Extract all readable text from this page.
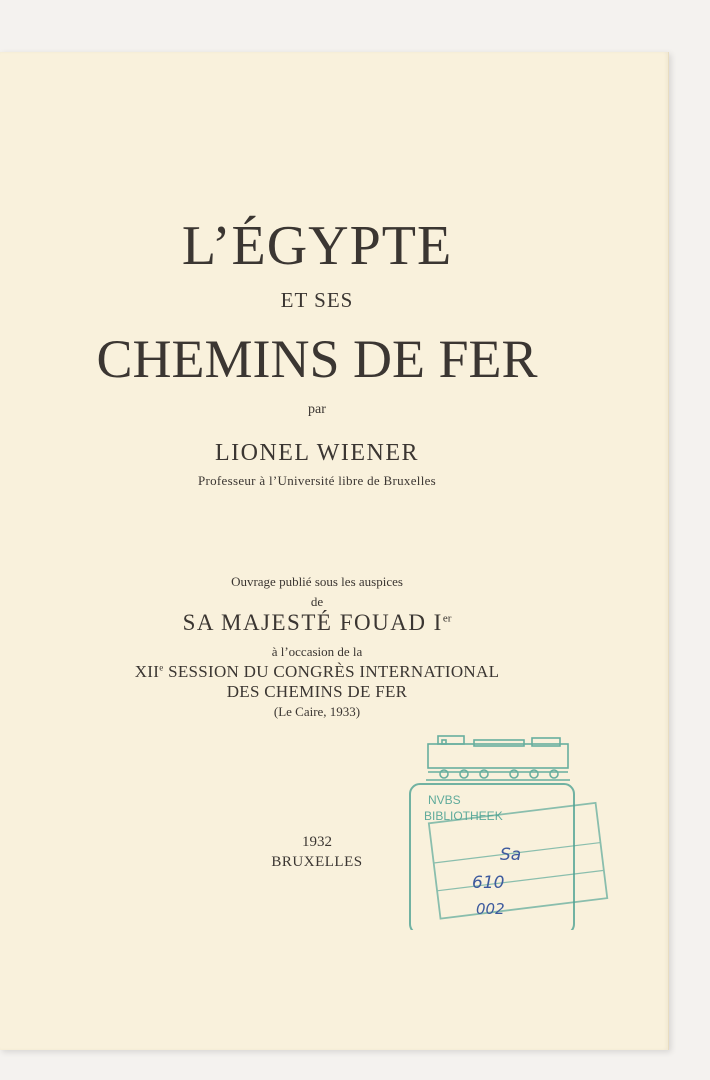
L’ÉGYPTE
ET SES
CHEMINS DE FER
par
LIONEL WIENER
Professeur à l’Université libre de Bruxelles
Ouvrage publié sous les auspices
de
SA MAJESTÉ FOUAD Ier
à l’occasion de la
XIIe SESSION DU CONGRÈS INTERNATIONAL
DES CHEMINS DE FER
(Le Caire, 1933)
1932
BRUXELLES
NVBS
BIBLIOTHEEK
Sa
610
002
